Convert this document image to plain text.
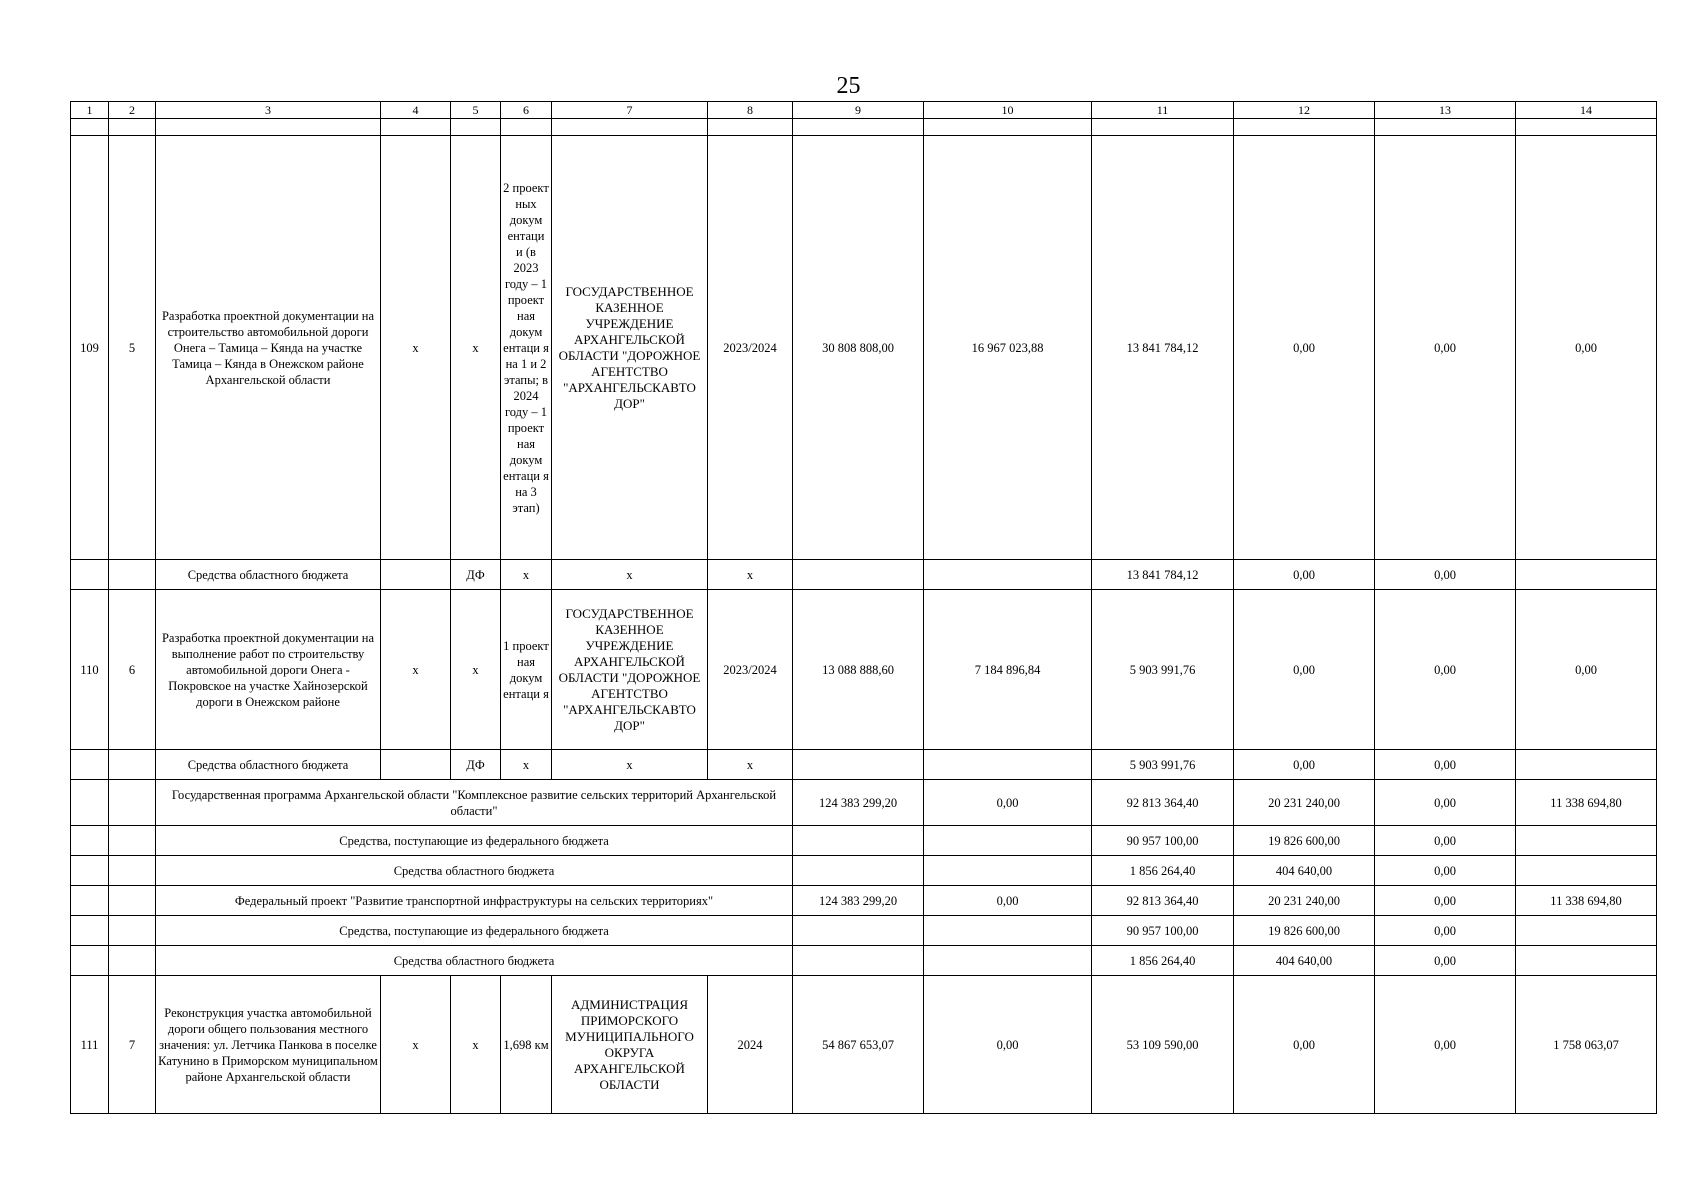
25
1	2	3	4	5	6	7	8	9	10	11	12	13	14

109	5	Разработка проектной документации на строительство автомобильной дороги Онега – Тамица – Кянда на участке Тамица – Кянда в Онежском районе Архангельской области	х	х	2 проект ных докум ентаци и (в 2023 году – 1 проект ная докум ентаци я на 1 и 2 этапы; в 2024 году – 1 проект ная докум ентаци я на 3 этап)	ГОСУДАРСТВЕННОЕ КАЗЕННОЕ УЧРЕЖДЕНИЕ АРХАНГЕЛЬСКОЙ ОБЛАСТИ "ДОРОЖНОЕ АГЕНТСТВО "АРХАНГЕЛЬСКАВТО ДОР"	2023/2024	30 808 808,00	16 967 023,88	13 841 784,12	0,00	0,00	0,00
		Средства областного бюджета		ДФ	х	х	х			13 841 784,12	0,00	0,00	
110	6	Разработка проектной документации на выполнение работ по строительству автомобильной дороги Онега - Покровское на участке Хайнозерской дороги в Онежском районе	х	х	1 проект ная докум ентаци я	ГОСУДАРСТВЕННОЕ КАЗЕННОЕ УЧРЕЖДЕНИЕ АРХАНГЕЛЬСКОЙ ОБЛАСТИ "ДОРОЖНОЕ АГЕНТСТВО "АРХАНГЕЛЬСКАВТО ДОР"	2023/2024	13 088 888,60	7 184 896,84	5 903 991,76	0,00	0,00	0,00
		Средства областного бюджета		ДФ	х	х	х			5 903 991,76	0,00	0,00	
		Государственная программа Архангельской области "Комплексное развитие сельских территорий Архангельской области"						124 383 299,20	0,00	92 813 364,40	20 231 240,00	0,00	11 338 694,80
		Средства, поступающие из федерального бюджета								90 957 100,00	19 826 600,00	0,00	
		Средства областного бюджета								1 856 264,40	404 640,00	0,00	
		Федеральный проект "Развитие транспортной инфраструктуры на сельских территориях"						124 383 299,20	0,00	92 813 364,40	20 231 240,00	0,00	11 338 694,80
		Средства, поступающие из федерального бюджета								90 957 100,00	19 826 600,00	0,00	
		Средства областного бюджета								1 856 264,40	404 640,00	0,00	
111	7	Реконструкция участка автомобильной дороги общего пользования местного значения: ул. Летчика Панкова в поселке Катунино в Приморском муниципальном районе Архангельской области	х	х	1,698 км	АДМИНИСТРАЦИЯ ПРИМОРСКОГО МУНИЦИПАЛЬНОГО ОКРУГА АРХАНГЕЛЬСКОЙ ОБЛАСТИ	2024	54 867 653,07	0,00	53 109 590,00	0,00	0,00	1 758 063,07
